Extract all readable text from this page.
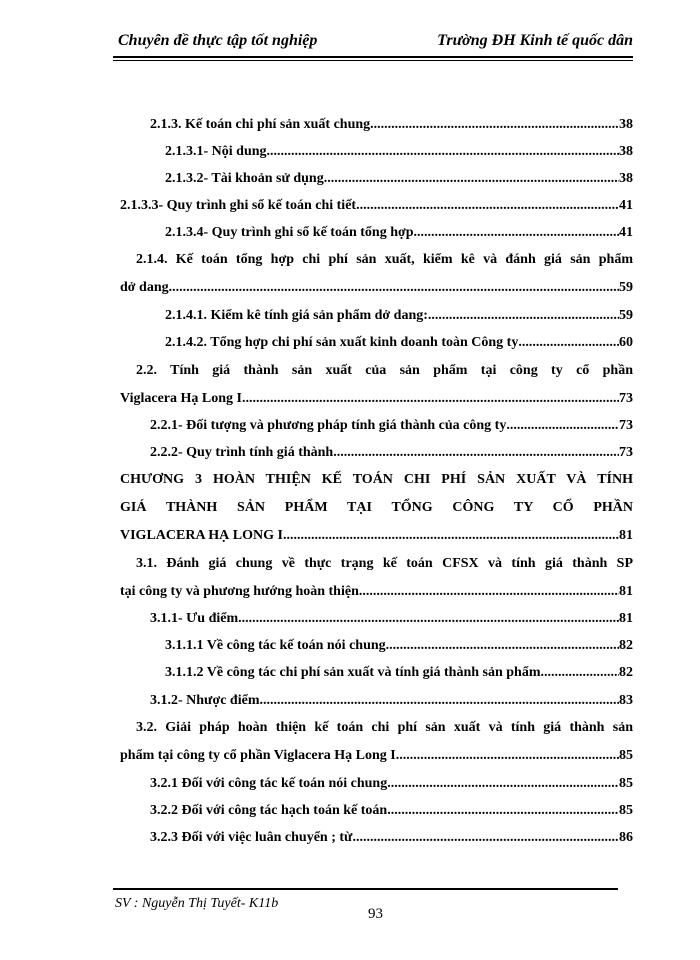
Chuyên đề thực tập tốt nghiệp	Trường ĐH Kinh tế quốc dân
2.1.3. Kế toán chi phí sản xuất chung .....	38
2.1.3.1- Nội dung .....	38
2.1.3.2- Tài khoản sử dụng .....	38
2.1.3.3- Quy trình ghi sổ kế toán chi tiết .....	41
2.1.3.4- Quy trình ghi sổ kế toán tổng hợp .....	41
2.1.4. Kế toán tổng hợp chi phí sản xuất, kiểm kê và đánh giá sản phẩm
dở dang .....	59
2.1.4.1. Kiểm kê tính giá sản phẩm dở dang: .....	59
2.1.4.2. Tổng hợp chi phí sản xuất kinh doanh toàn Công ty .....	60
2.2. Tính giá thành sản xuất của sản phẩm tại công ty cổ phần
Viglacera Hạ Long I. .....	73
2.2.1- Đối tượng và phương pháp tính giá thành của công ty .....	73
2.2.2- Quy trình tính giá thành .....	73
CHƯƠNG 3 HOÀN THIỆN KẾ TOÁN CHI PHÍ SẢN XUẤT VÀ TÍNH
GIÁ THÀNH SẢN PHẨM TẠI TỔNG CÔNG TY CỔ PHẦN
VIGLACERA HẠ LONG I .....	81
3.1. Đánh giá chung về thực trạng kế toán CFSX và tính giá thành SP
tại công ty và phương hướng hoàn thiện .....	81
3.1.1- Ưu điểm .....	81
3.1.1.1 Về công tác kế toán nói chung .....	82
3.1.1.2 Về công tác chi phí sản xuất và tính giá thành sản phẩm .....	82
3.1.2- Nhược điểm .....	83
3.2. Giải pháp hoàn thiện kế toán chi phí sản xuất và tính giá thành sản
phẩm tại công ty cổ phần Viglacera Hạ Long I .....	85
3.2.1 Đối với công tác kế toán nói chung .....	85
3.2.2 Đối với công tác hạch toán kế toán .....	85
3.2.3 Đối với việc luân chuyển ; từ .....	86
SV : Nguyễn Thị Tuyết- K11b
93
